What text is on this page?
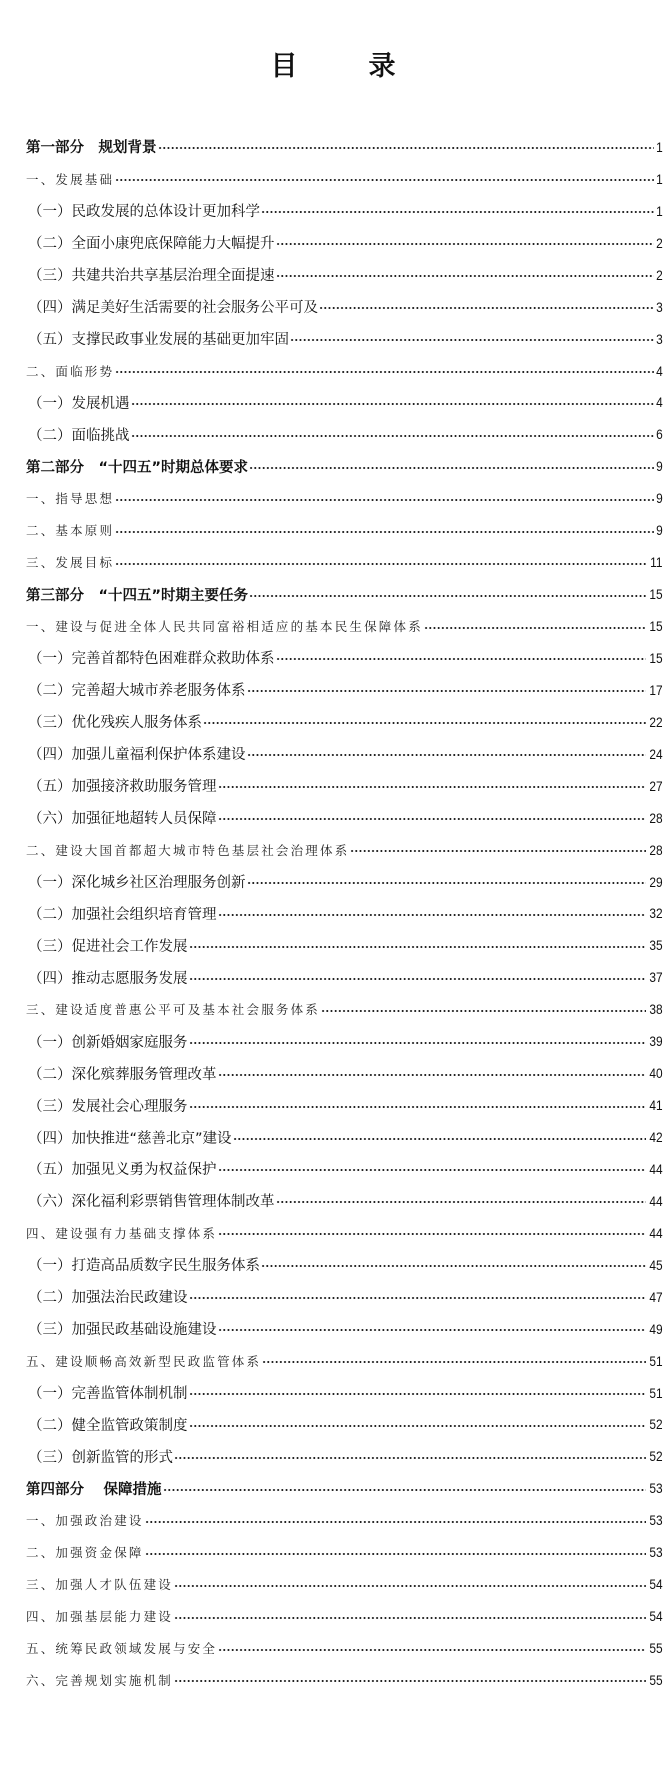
目　录
第一部分　规划背景	1
一、发展基础	1
（一）民政发展的总体设计更加科学	1
（二）全面小康兜底保障能力大幅提升	2
（三）共建共治共享基层治理全面提速	2
（四）满足美好生活需要的社会服务公平可及	3
（五）支撑民政事业发展的基础更加牢固	3
二、面临形势	4
（一）发展机遇	4
（二）面临挑战	6
第二部分　“十四五”时期总体要求	9
一、指导思想	9
二、基本原则	9
三、发展目标	11
第三部分　“十四五”时期主要任务	15
一、建设与促进全体人民共同富裕相适应的基本民生保障体系	15
（一）完善首都特色困难群众救助体系	15
（二）完善超大城市养老服务体系	17
（三）优化残疾人服务体系	22
（四）加强儿童福利保护体系建设	24
（五）加强接济救助服务管理	27
（六）加强征地超转人员保障	28
二、建设大国首都超大城市特色基层社会治理体系	28
（一）深化城乡社区治理服务创新	29
（二）加强社会组织培育管理	32
（三）促进社会工作发展	35
（四）推动志愿服务发展	37
三、建设适度普惠公平可及基本社会服务体系	38
（一）创新婚姻家庭服务	39
（二）深化殡葬服务管理改革	40
（三）发展社会心理服务	41
（四）加快推进“慈善北京”建设	42
（五）加强见义勇为权益保护	44
（六）深化福利彩票销售管理体制改革	44
四、建设强有力基础支撑体系	44
（一）打造高品质数字民生服务体系	45
（二）加强法治民政建设	47
（三）加强民政基础设施建设	49
五、建设顺畅高效新型民政监管体系	51
（一）完善监管体制机制	51
（二）健全监管政策制度	52
（三）创新监管的形式	52
第四部分　 保障措施	53
一、加强政治建设	53
二、加强资金保障	53
三、加强人才队伍建设	54
四、加强基层能力建设	54
五、统筹民政领域发展与安全	55
六、完善规划实施机制	55
